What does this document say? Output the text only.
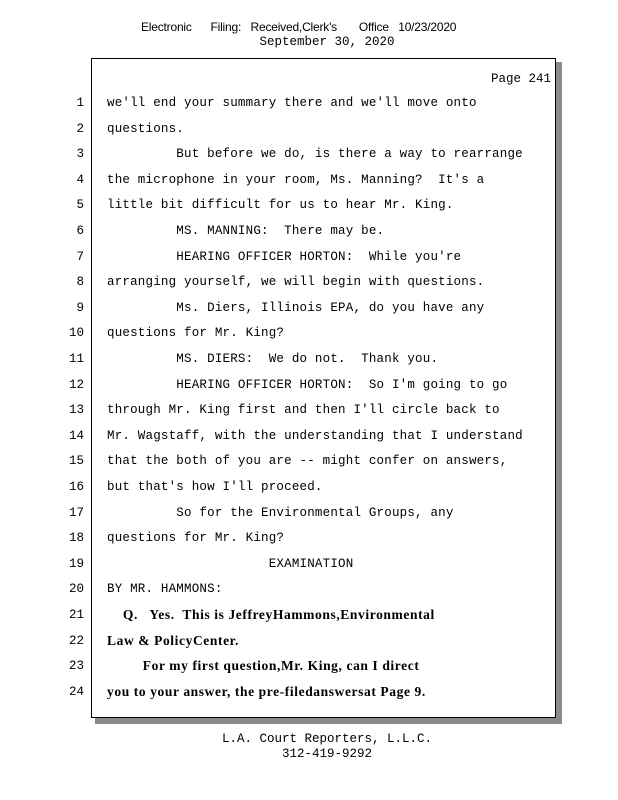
Electronic      Filing:   Received,Clerk's       Office   10/23/2020
September 30, 2020
Page 241
1 we'll end your summary there and we'll move onto
2 questions.
3 But before we do, is there a way to rearrange
4 the microphone in your room, Ms. Manning?  It's a
5 little bit difficult for us to hear Mr. King.
6 MS. MANNING:  There may be.
7 HEARING OFFICER HORTON:  While you're
8 arranging yourself, we will begin with questions.
9 Ms. Diers, Illinois EPA, do you have any
10 questions for Mr. King?
11 MS. DIERS:  We do not.  Thank you.
12 HEARING OFFICER HORTON:  So I'm going to go
13 through Mr. King first and then I'll circle back to
14 Mr. Wagstaff, with the understanding that I understand
15 that the both of you are -- might confer on answers,
16 but that's how I'll proceed.
17 So for the Environmental Groups, any
18 questions for Mr. King?
19 EXAMINATION
20 BY MR. HAMMONS:
21 Q.   Yes.  This is JeffreyHammons,Environmental
22 Law & PolicyCenter.
23 For my first question,Mr. King, can I direct
24 you to your answer, the pre-filedanswersat Page 9.
L.A. Court Reporters, L.L.C.
312-419-9292
